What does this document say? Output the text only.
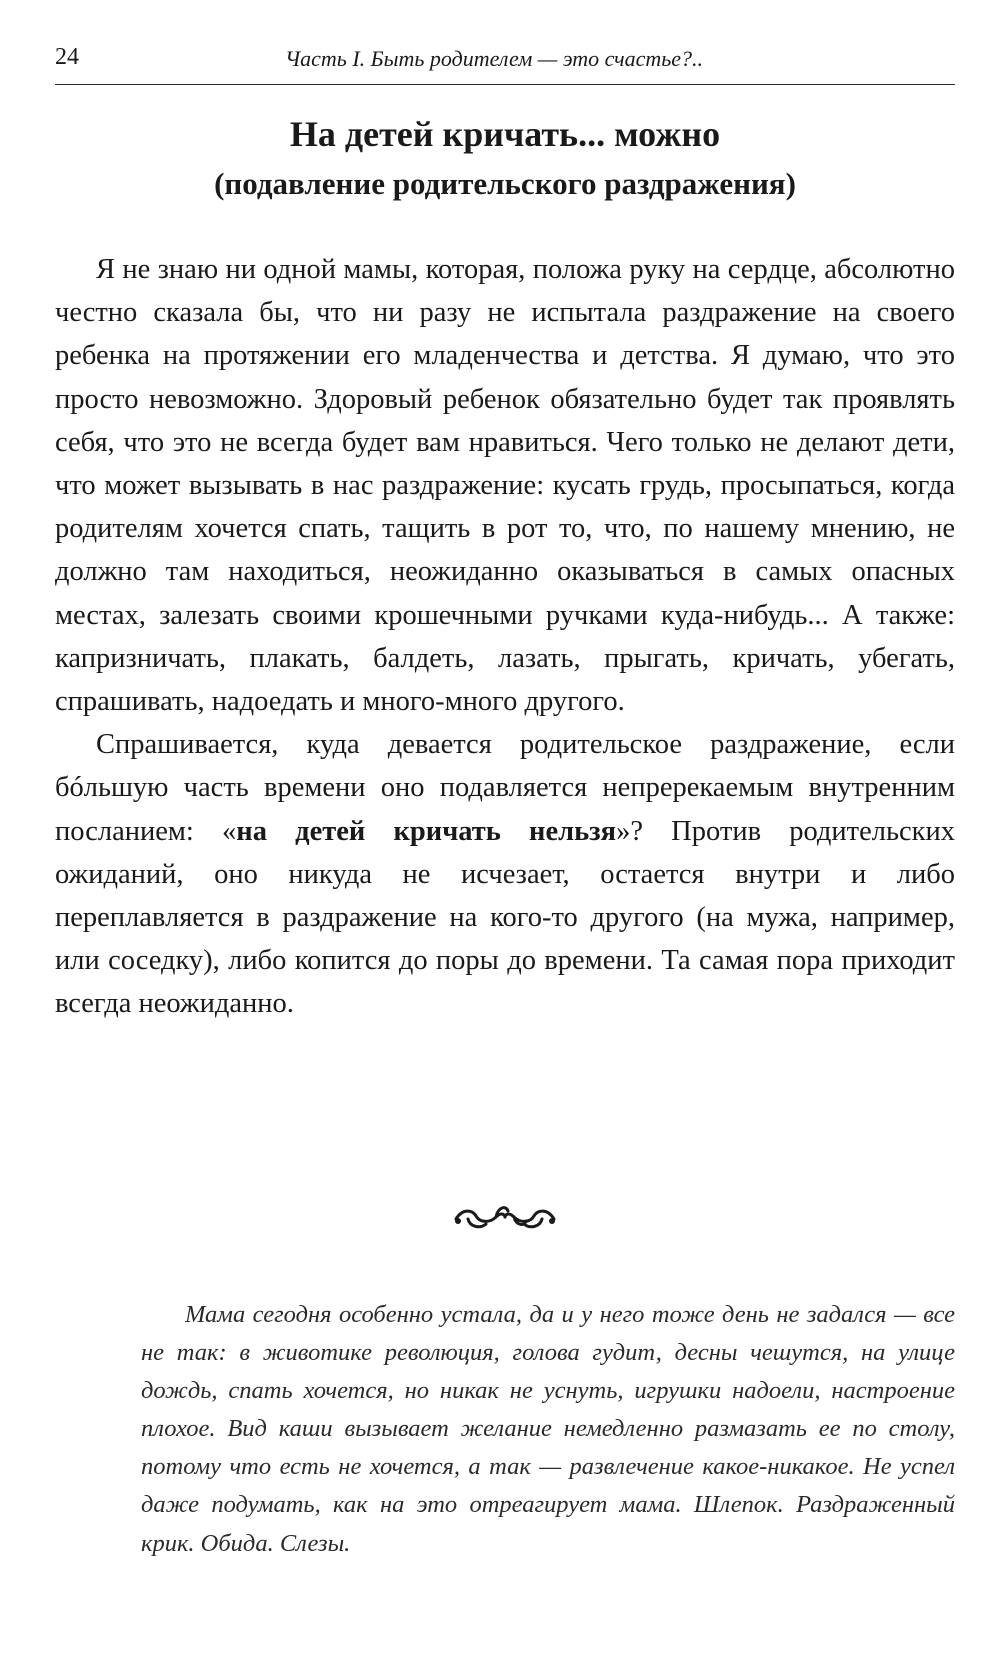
24	Часть I. Быть родителем — это счастье?..
На детей кричать... можно
(подавление родительского раздражения)

Я не знаю ни одной мамы, которая, положа руку на сердце, абсолютно честно сказала бы, что ни разу не испытала раздражение на своего ребенка на протяжении его младенчества и детства. Я думаю, что это просто невозможно. Здоровый ребенок обязательно будет так проявлять себя, что это не всегда будет вам нравиться. Чего только не делают дети, что может вызывать в нас раздражение: кусать грудь, просыпаться, когда родителям хочется спать, тащить в рот то, что, по нашему мнению, не должно там находиться, неожиданно оказываться в самых опасных местах, залезать своими крошечными ручками куда-нибудь... А также: капризничать, плакать, балдеть, лазать, прыгать, кричать, убегать, спрашивать, надоедать и много-много другого.

Спрашивается, куда девается родительское раздражение, если бóльшую часть времени оно подавляется непререкаемым внутренним посланием: «на детей кричать нельзя»? Против родительских ожиданий, оно никуда не исчезает, остается внутри и либо переплавляется в раздражение на кого-то другого (на мужа, например, или соседку), либо копится до поры до времени. Та самая пора приходит всегда неожиданно.

Мама сегодня особенно устала, да и у него тоже день не задался — все не так: в животике революция, голова гудит, десны чешутся, на улице дождь, спать хочется, но никак не уснуть, игрушки надоели, настроение плохое. Вид каши вызывает желание немедленно размазать ее по столу, потому что есть не хочется, а так — развлечение какое-никакое. Не успел даже подумать, как на это отреагирует мама. Шлепок. Раздраженный крик. Обида. Слезы.
